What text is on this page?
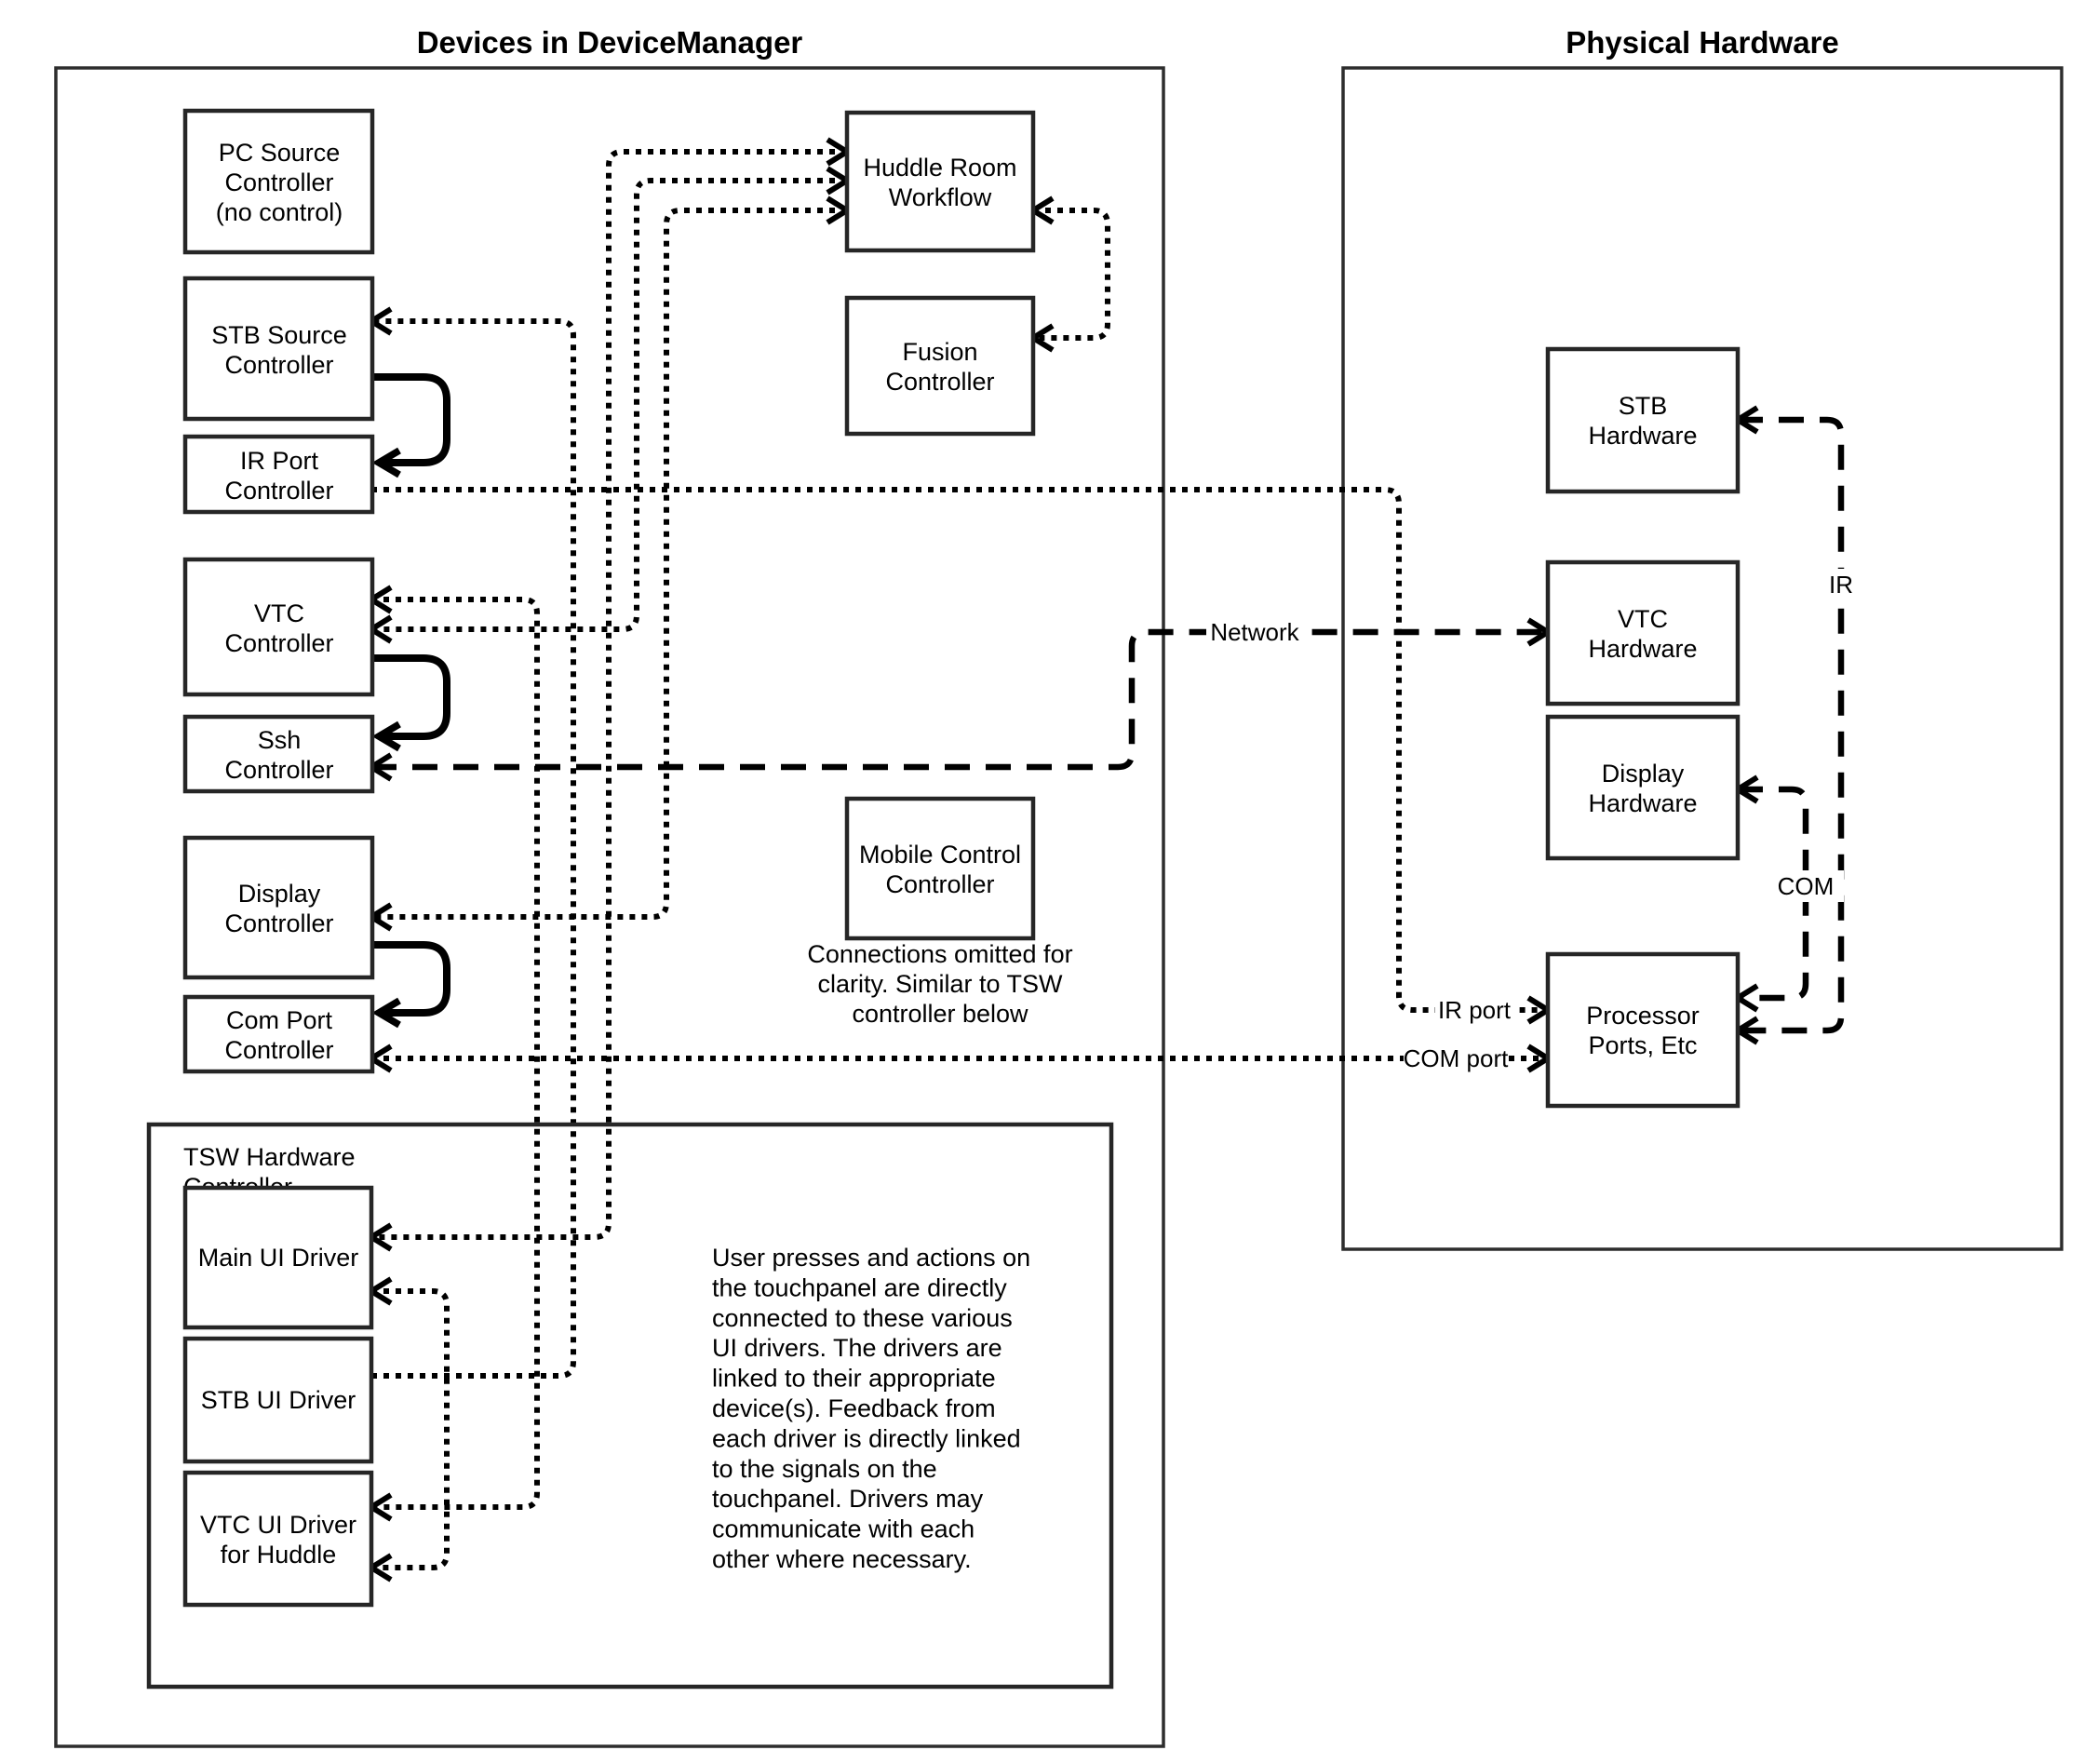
Devices in DeviceManager	Physical Hardware
Network
IR
COM
IR port
COM port
TSW Hardware
PC Source
Controller
(no control)
STB Source
Controller
IR Port
Controller
VTC
Controller
Ssh
Controller
Display
Controller
Com Port
Controller
Main UI Driver
STB UI Driver
VTC UI Driver
for Huddle
Huddle Room
Workflow
Fusion
Controller
Mobile Control
Controller
Connections omitted for
clarity. Similar to TSW
controller below
STB
Hardware
VTC
Hardware
Display
Hardware
Processor
Ports, Etc
User presses and actions on
the touchpanel are directly
connected to these various
UI drivers. The drivers are
linked to their appropriate
device(s). Feedback from
each driver is directly linked
to the signals on the
touchpanel. Drivers may
communicate with each
other where necessary.
